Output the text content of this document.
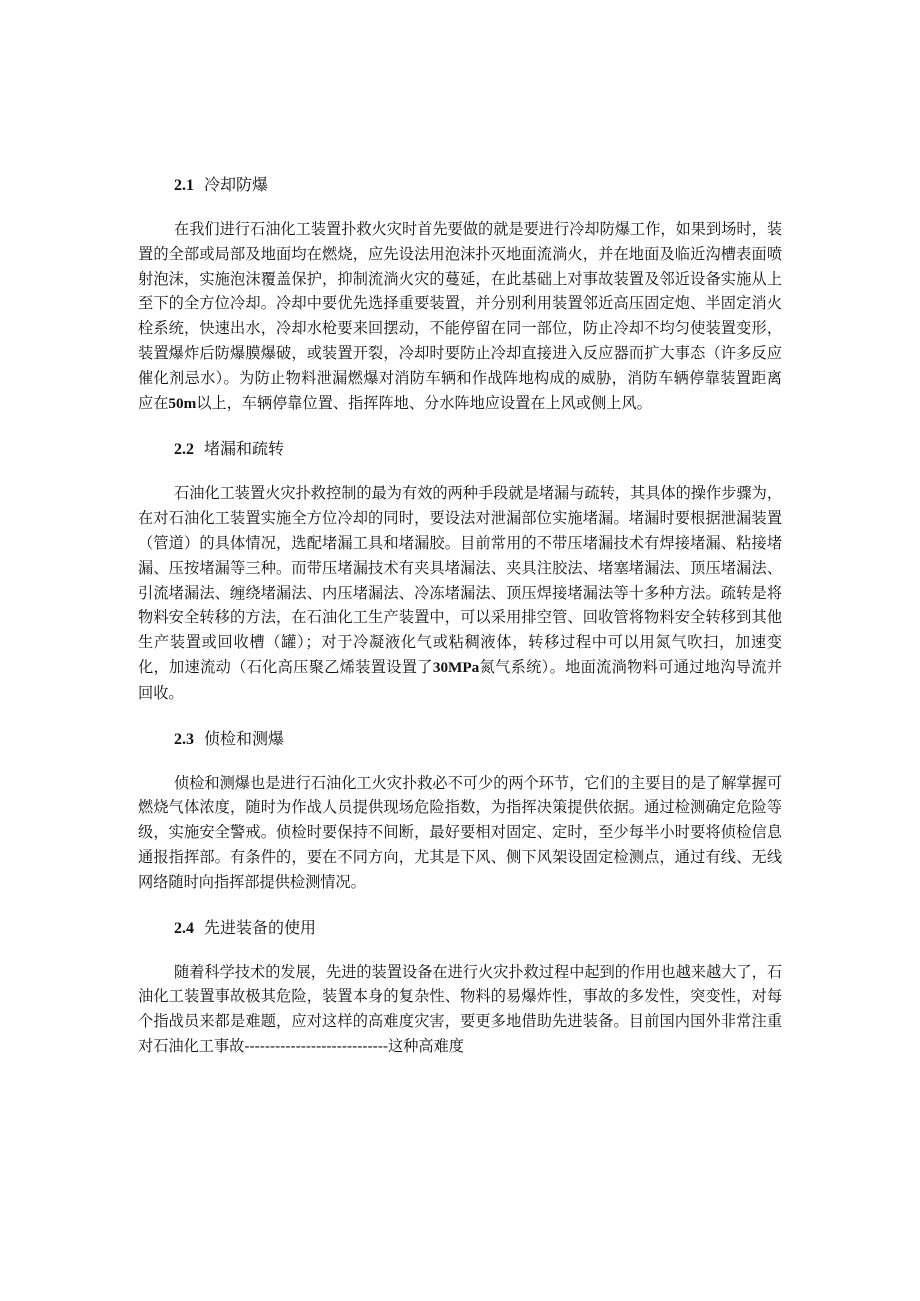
2.1 冷却防爆

在我们进行石油化工装置扑救火灾时首先要做的就是要进行冷却防爆工作，如果到场时，装置的全部或局部及地面均在燃烧，应先设法用泡沫扑灭地面流淌火，并在地面及临近沟槽表面喷射泡沫，实施泡沫覆盖保护，抑制流淌火灾的蔓延，在此基础上对事故装置及邻近设备实施从上至下的全方位冷却。冷却中要优先选择重要装置，并分别利用装置邻近高压固定炮、半固定消火栓系统，快速出水，冷却水枪要来回摆动，不能停留在同一部位，防止冷却不均匀使装置变形，装置爆炸后防爆膜爆破，或装置开裂，冷却时要防止冷却直接进入反应器而扩大事态（许多反应催化剂忌水）。为防止物料泄漏燃爆对消防车辆和作战阵地构成的威胁，消防车辆停靠装置距离应在50m以上，车辆停靠位置、指挥阵地、分水阵地应设置在上风或侧上风。

2.2 堵漏和疏转

石油化工装置火灾扑救控制的最为有效的两种手段就是堵漏与疏转，其具体的操作步骤为，在对石油化工装置实施全方位冷却的同时，要设法对泄漏部位实施堵漏。堵漏时要根据泄漏装置（管道）的具体情况，选配堵漏工具和堵漏胶。目前常用的不带压堵漏技术有焊接堵漏、粘接堵漏、压按堵漏等三种。而带压堵漏技术有夹具堵漏法、夹具注胶法、堵塞堵漏法、顶压堵漏法、引流堵漏法、缠绕堵漏法、内压堵漏法、冷冻堵漏法、顶压焊接堵漏法等十多种方法。疏转是将物料安全转移的方法，在石油化工生产装置中，可以采用排空管、回收管将物料安全转移到其他生产装置或回收槽（罐）；对于冷凝液化气或粘稠液体，转移过程中可以用氮气吹扫，加速变化，加速流动（石化高压聚乙烯装置设置了30MPa氮气系统）。地面流淌物料可通过地沟导流并回收。

2.3 侦检和测爆

侦检和测爆也是进行石油化工火灾扑救必不可少的两个环节，它们的主要目的是了解掌握可燃烧气体浓度，随时为作战人员提供现场危险指数，为指挥决策提供依据。通过检测确定危险等级，实施安全警戒。侦检时要保持不间断，最好要相对固定、定时，至少每半小时要将侦检信息通报指挥部。有条件的，要在不同方向，尤其是下风、侧下风架设固定检测点，通过有线、无线网络随时向指挥部提供检测情况。

2.4 先进装备的使用

随着科学技术的发展，先进的装置设备在进行火灾扑救过程中起到的作用也越来越大了，石油化工装置事故极其危险，装置本身的复杂性、物料的易爆炸性，事故的多发性，突变性，对每个指战员来都是难题，应对这样的高难度灾害，要更多地借助先进装备。目前国内国外非常注重对石油化工事故----------------------------这种高难度
